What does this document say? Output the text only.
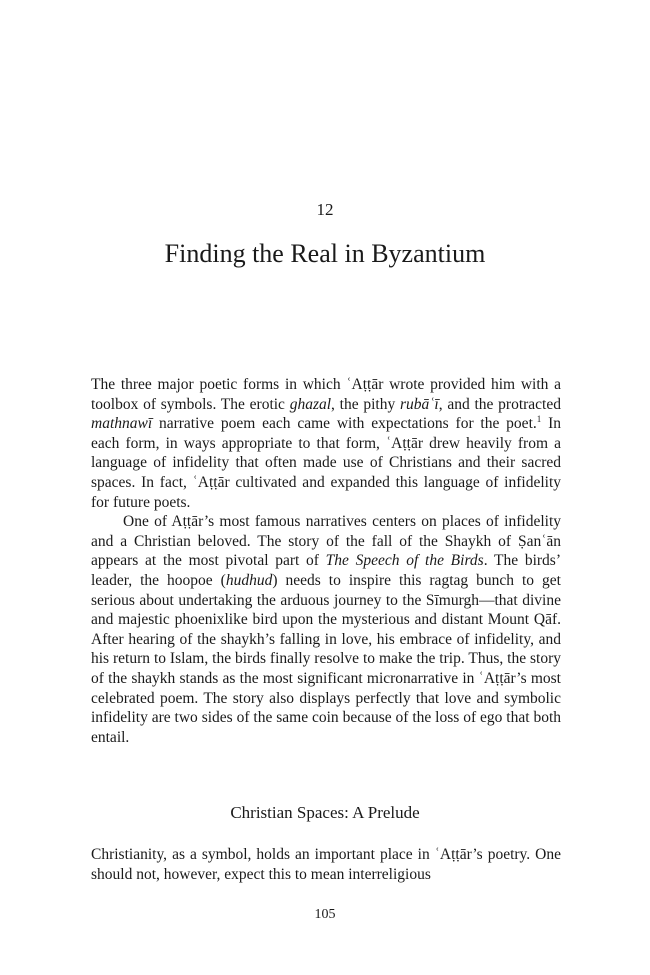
12
Finding the Real in Byzantium

The three major poetic forms in which ʿAṭṭār wrote provided him with a toolbox of symbols. The erotic ghazal, the pithy rubāʿī, and the protracted mathnawī narrative poem each came with expectations for the poet.$^1$ In each form, in ways appropriate to that form, ʿAṭṭār drew heavily from a language of infidelity that often made use of Christians and their sacred spaces. In fact, ʿAṭṭār cultivated and expanded this language of infidelity for future poets.

One of Aṭṭār’s most famous narratives centers on places of infidelity and a Christian beloved. The story of the fall of the Shaykh of Ṣanʿān appears at the most pivotal part of The Speech of the Birds. The birds’ leader, the hoopoe (hudhud) needs to inspire this ragtag bunch to get serious about undertaking the arduous journey to the Sīmurgh—that divine and majestic phoenixlike bird upon the mysterious and distant Mount Qāf. After hearing of the shaykh’s falling in love, his embrace of infidelity, and his return to Islam, the birds finally resolve to make the trip. Thus, the story of the shaykh stands as the most significant micronarrative in ʿAṭṭār’s most celebrated poem. The story also displays perfectly that love and symbolic infidelity are two sides of the same coin because of the loss of ego that both entail.

Christian Spaces: A Prelude

Christianity, as a symbol, holds an important place in ʿAṭṭār’s poetry. One should not, however, expect this to mean interreligious

105
